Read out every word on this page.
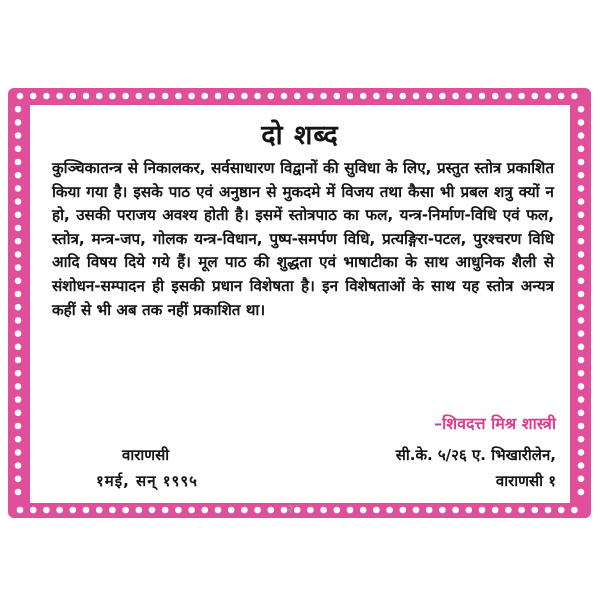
दो शब्द
कुञ्चिकातन्त्र से निकालकर, सर्वसाधारण विद्वानों की सुविधा के लिए, प्रस्तुत स्तोत्र प्रकाशित किया गया है। इसके पाठ एवं अनुष्ठान से मुकदमे में विजय तथा कैसा भी प्रबल शत्रु क्यों न हो, उसकी पराजय अवश्य होती है। इसमें स्तोत्रपाठ का फल, यन्त्र-निर्माण-विधि एवं फल, स्तोत्र, मन्त्र-जप, गोलक यन्त्र-विधान, पुष्प-समर्पण विधि, प्रत्यङ्गिरा-पटल, पुरश्चरण विधि आदि विषय दिये गये हैं। मूल पाठ की शुद्धता एवं भाषाटीका के साथ आधुनिक शैली से संशोधन-सम्पादन ही इसकी प्रधान विशेषता है। इन विशेषताओं के साथ यह स्तोत्र अन्यत्र कहीं से भी अब तक नहीं प्रकाशित था।
–शिवदत्त मिश्र शास्त्री
वाराणसी
१मई, सन् १९९५
सी.के. ५/२६ ए. भिखारीलेन,
वाराणसी १
२
